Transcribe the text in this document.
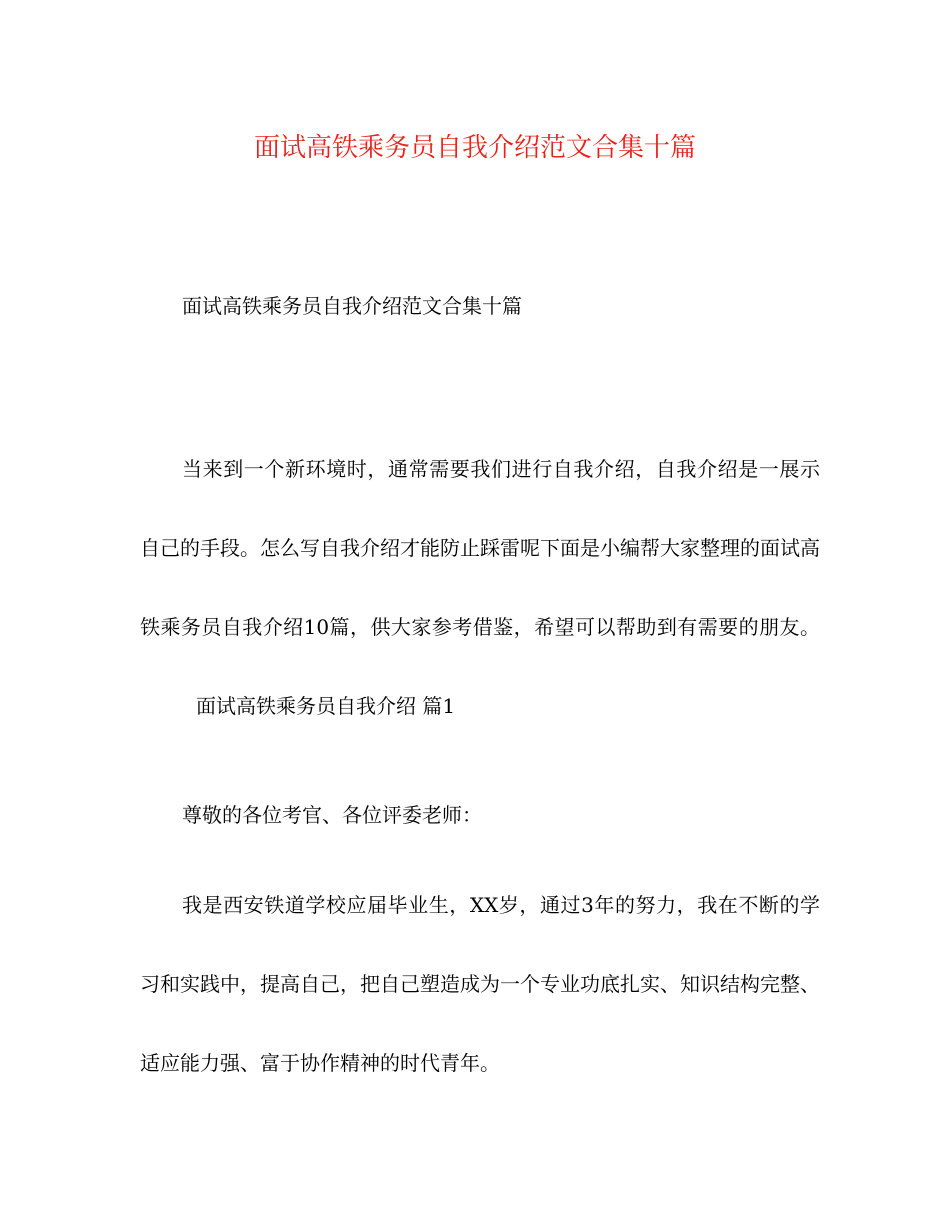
面试高铁乘务员自我介绍范文合集十篇

面试高铁乘务员自我介绍范文合集十篇

当来到一个新环境时，通常需要我们进行自我介绍，自我介绍是一展示自己的手段。怎么写自我介绍才能防止踩雷呢下面是小编帮大家整理的面试高铁乘务员自我介绍10篇，供大家参考借鉴，希望可以帮助到有需要的朋友。面试高铁乘务员自我介绍 篇1

尊敬的各位考官、各位评委老师：

我是西安铁道学校应届毕业生，XX岁，通过3年的努力，我在不断的学习和实践中，提高自己，把自己塑造成为一个专业功底扎实、知识结构完整、适应能力强、富于协作精神的时代青年。
